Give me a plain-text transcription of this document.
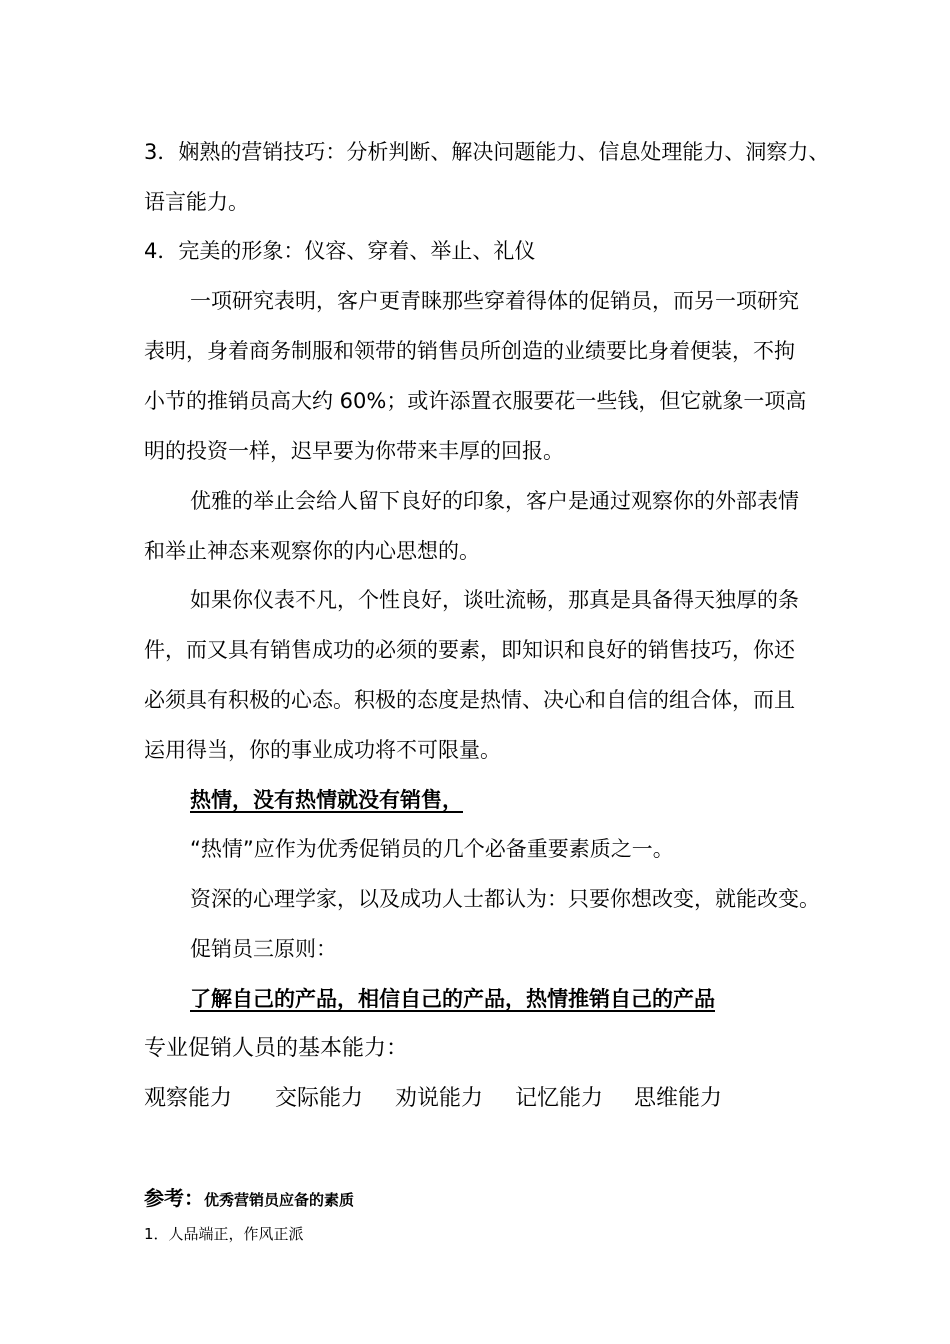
3．娴熟的营销技巧：分析判断、解决问题能力、信息处理能力、洞察力、
语言能力。
4．完美的形象：仪容、穿着、举止、礼仪
一项研究表明，客户更青睐那些穿着得体的促销员，而另一项研究
表明，身着商务制服和领带的销售员所创造的业绩要比身着便装，不拘
小节的推销员高大约 60%；或许添置衣服要花一些钱，但它就象一项高
明的投资一样，迟早要为你带来丰厚的回报。
优雅的举止会给人留下良好的印象，客户是通过观察你的外部表情
和举止神态来观察你的内心思想的。
如果你仪表不凡，个性良好，谈吐流畅，那真是具备得天独厚的条
件，而又具有销售成功的必须的要素，即知识和良好的销售技巧，你还
必须具有积极的心态。积极的态度是热情、决心和自信的组合体，而且
运用得当，你的事业成功将不可限量。
热情，没有热情就没有销售，
“热情”应作为优秀促销员的几个必备重要素质之一。
资深的心理学家，以及成功人士都认为：只要你想改变，就能改变。
促销员三原则：
了解自己的产品，相信自己的产品，热情推销自己的产品
专业促销人员的基本能力：
观察能力 交际能力 劝说能力 记忆能力 思维能力
参考：优秀营销员应备的素质
1．人品端正，作风正派
